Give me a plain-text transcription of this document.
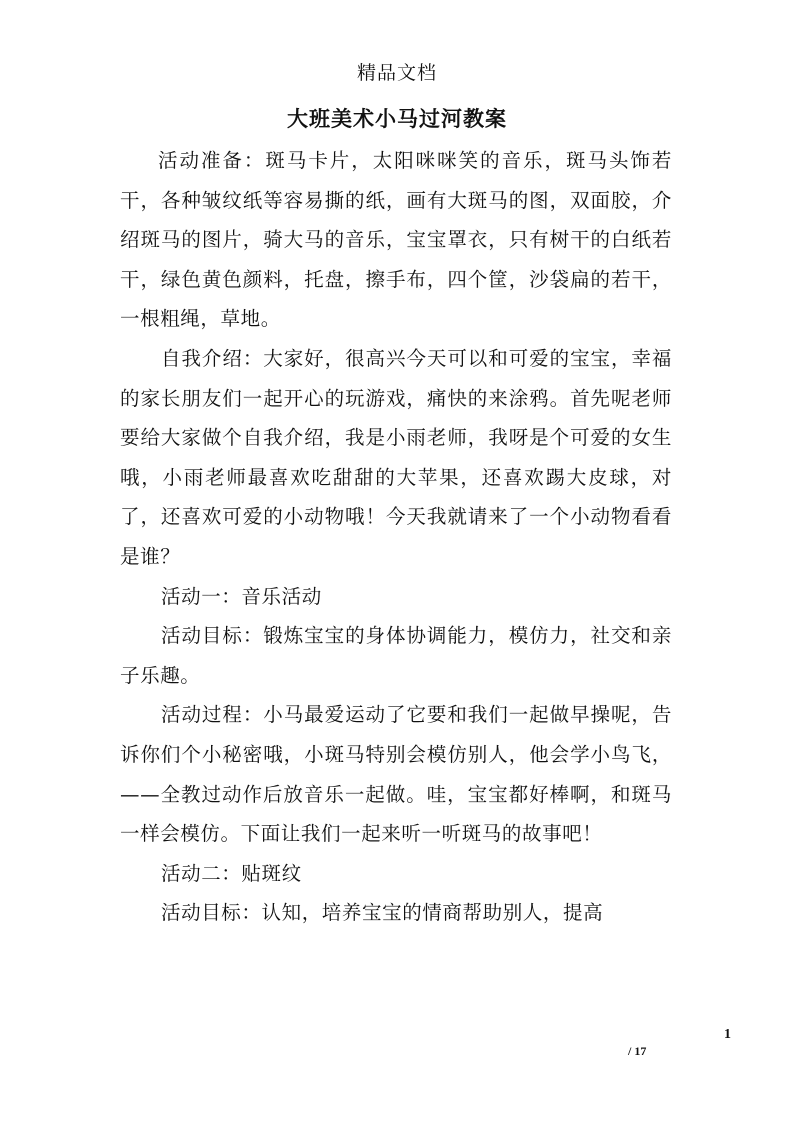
精品文档
大班美术小马过河教案

活动准备：斑马卡片，太阳咪咪笑的音乐，斑马头饰若干，各种皱纹纸等容易撕的纸，画有大斑马的图，双面胶，介绍斑马的图片，骑大马的音乐，宝宝罩衣，只有树干的白纸若干，绿色黄色颜料，托盘，擦手布，四个筐，沙袋扁的若干，一根粗绳，草地。

自我介绍：大家好，很高兴今天可以和可爱的宝宝，幸福的家长朋友们一起开心的玩游戏，痛快的来涂鸦。首先呢老师要给大家做个自我介绍，我是小雨老师，我呀是个可爱的女生哦，小雨老师最喜欢吃甜甜的大苹果，还喜欢踢大皮球，对了，还喜欢可爱的小动物哦！今天我就请来了一个小动物看看是谁？

活动一：音乐活动

活动目标：锻炼宝宝的身体协调能力，模仿力，社交和亲子乐趣。

活动过程：小马最爱运动了它要和我们一起做早操呢，告诉你们个小秘密哦，小斑马特别会模仿别人，他会学小鸟飞，——全教过动作后放音乐一起做。哇，宝宝都好棒啊，和斑马一样会模仿。下面让我们一起来听一听斑马的故事吧！

活动二：贴斑纹

活动目标：认知，培养宝宝的情商帮助别人，提高

1
/ 17
